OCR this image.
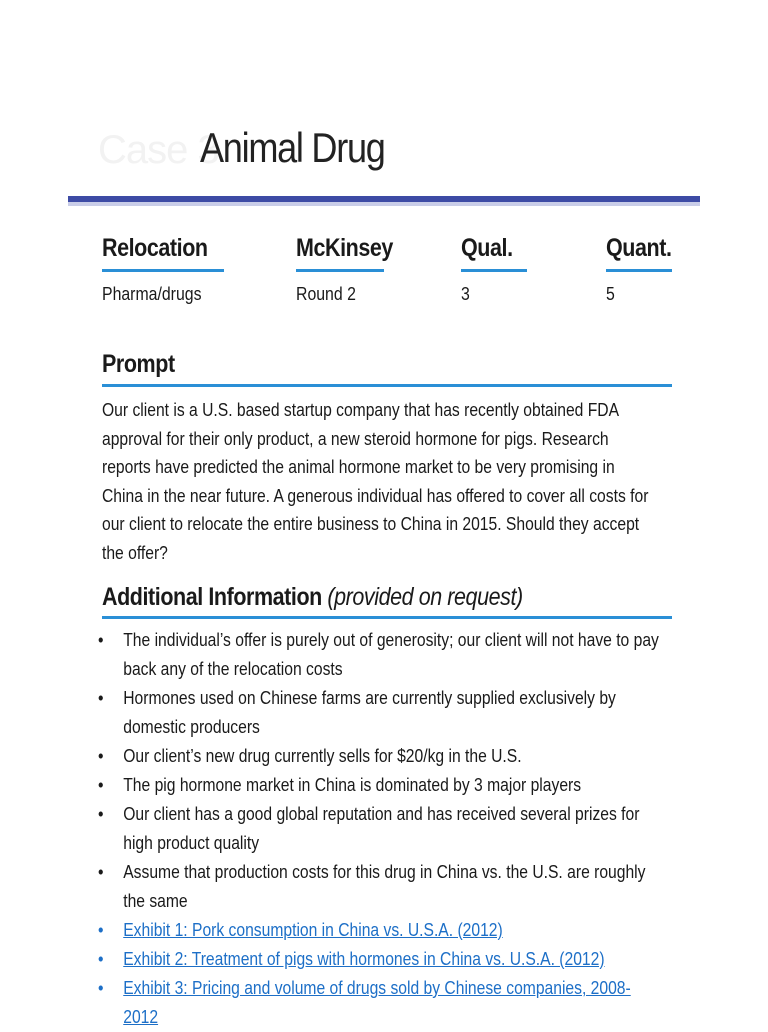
Case 3
Animal Drug
Relocation
Pharma/drugs
McKinsey
Round 2
Qual.
3
Quant.
5
Prompt
Our client is a U.S. based startup company that has recently obtained FDA approval for their only product, a new steroid hormone for pigs. Research reports have predicted the animal hormone market to be very promising in China in the near future. A generous individual has offered to cover all costs for our client to relocate the entire business to China in 2015. Should they accept the offer?
Additional Information (provided on request)
• The individual’s offer is purely out of generosity; our client will not have to pay back any of the relocation costs
• Hormones used on Chinese farms are currently supplied exclusively by domestic producers
• Our client’s new drug currently sells for $20/kg in the U.S.
• The pig hormone market in China is dominated by 3 major players
• Our client has a good global reputation and has received several prizes for high product quality
• Assume that production costs for this drug in China vs. the U.S. are roughly the same
• Exhibit 1: Pork consumption in China vs. U.S.A. (2012)
• Exhibit 2: Treatment of pigs with hormones in China vs. U.S.A. (2012)
• Exhibit 3: Pricing and volume of drugs sold by Chinese companies, 2008-2012
